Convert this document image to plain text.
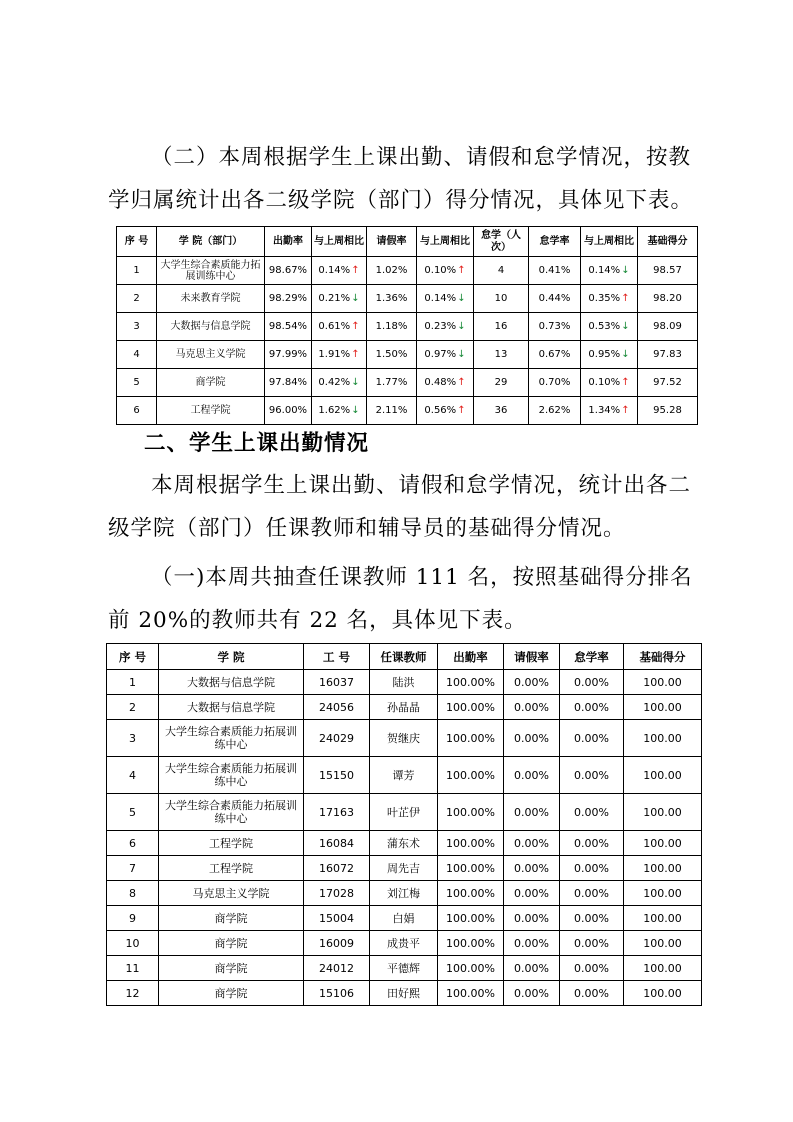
（二）本周根据学生上课出勤、请假和怠学情况，按教学归属统计出各二级学院（部门）得分情况，具体见下表。

序 号	学 院（部门）	出勤率	与上周相比	请假率	与上周相比	怠学（人次）	怠学率	与上周相比	基础得分
1	大学生综合素质能力拓展训练中心	98.67%	0.14%↑	1.02%	0.10%↑	4	0.41%	0.14%↓	98.57
2	未来教育学院	98.29%	0.21%↓	1.36%	0.14%↓	10	0.44%	0.35%↑	98.20
3	大数据与信息学院	98.54%	0.61%↑	1.18%	0.23%↓	16	0.73%	0.53%↓	98.09
4	马克思主义学院	97.99%	1.91%↑	1.50%	0.97%↓	13	0.67%	0.95%↓	97.83
5	商学院	97.84%	0.42%↓	1.77%	0.48%↑	29	0.70%	0.10%↑	97.52
6	工程学院	96.00%	1.62%↓	2.11%	0.56%↑	36	2.62%	1.34%↑	95.28
二、学生上课出勤情况

本周根据学生上课出勤、请假和怠学情况，统计出各二级学院（部门）任课教师和辅导员的基础得分情况。

（一)本周共抽查任课教师 111 名，按照基础得分排名前 20%的教师共有 22 名，具体见下表。

序 号	学 院	工 号	任课教师	出勤率	请假率	怠学率	基础得分
1	大数据与信息学院	16037	陆洪	100.00%	0.00%	0.00%	100.00
2	大数据与信息学院	24056	孙晶晶	100.00%	0.00%	0.00%	100.00
3	大学生综合素质能力拓展训练中心	24029	贺继庆	100.00%	0.00%	0.00%	100.00
4	大学生综合素质能力拓展训练中心	15150	谭芳	100.00%	0.00%	0.00%	100.00
5	大学生综合素质能力拓展训练中心	17163	叶芷伊	100.00%	0.00%	0.00%	100.00
6	工程学院	16084	蒲东术	100.00%	0.00%	0.00%	100.00
7	工程学院	16072	周先吉	100.00%	0.00%	0.00%	100.00
8	马克思主义学院	17028	刘江梅	100.00%	0.00%	0.00%	100.00
9	商学院	15004	白娟	100.00%	0.00%	0.00%	100.00
10	商学院	16009	成贵平	100.00%	0.00%	0.00%	100.00
11	商学院	24012	平德辉	100.00%	0.00%	0.00%	100.00
12	商学院	15106	田好熙	100.00%	0.00%	0.00%	100.00
